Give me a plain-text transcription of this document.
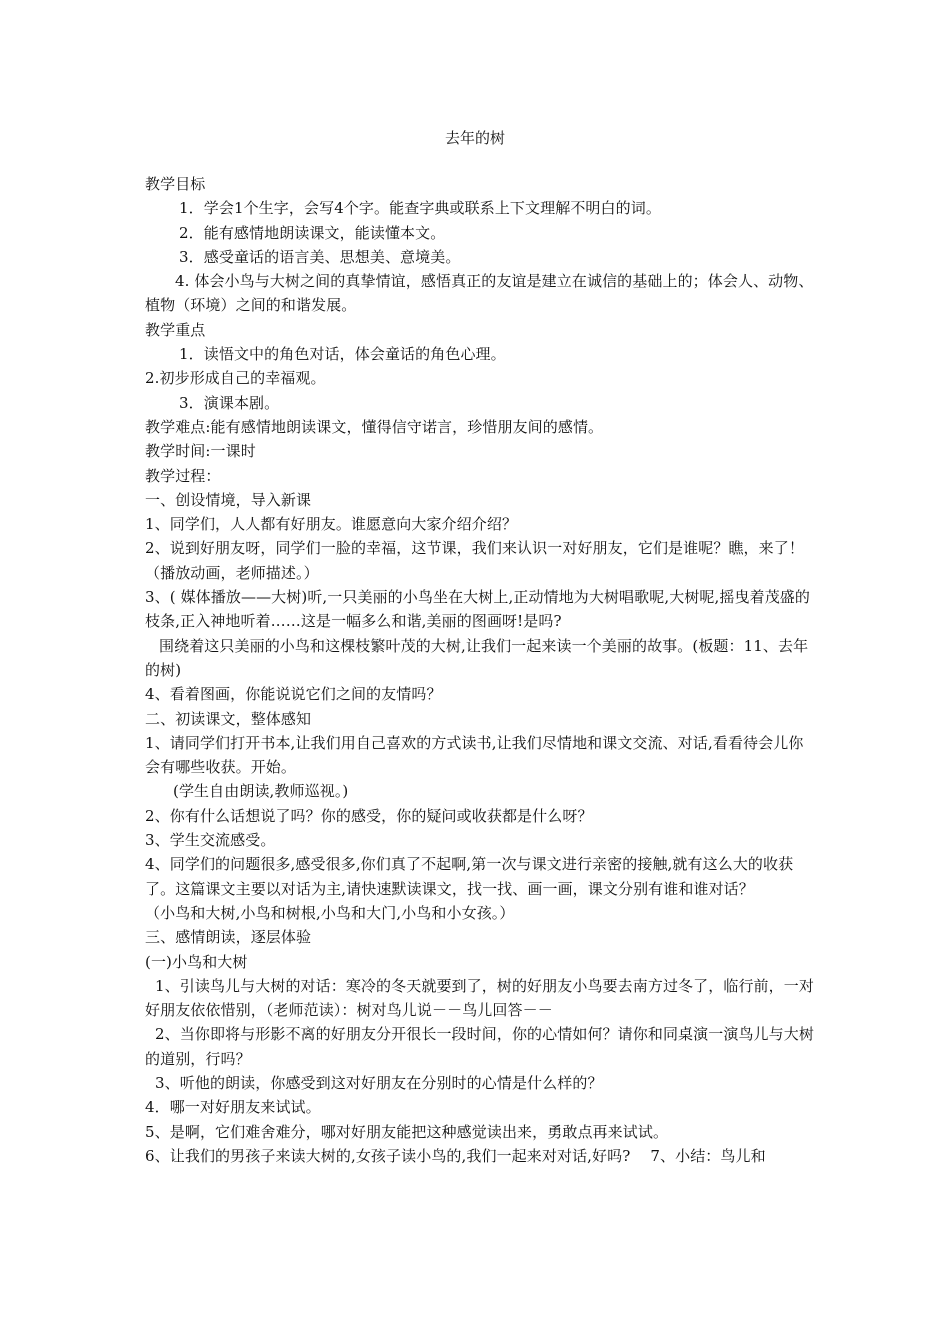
去年的树

教学目标

1．学会1个生字，会写4个字。能查字典或联系上下文理解不明白的词。

2．能有感情地朗读课文，能读懂本文。

3．感受童话的语言美、思想美、意境美。

4. 体会小鸟与大树之间的真挚情谊，感悟真正的友谊是建立在诚信的基础上的；体会人、动物、植物（环境）之间的和谐发展。

教学重点

1．读悟文中的角色对话，体会童话的角色心理。

2.初步形成自己的幸福观。

3．演课本剧。

教学难点:能有感情地朗读课文，懂得信守诺言，珍惜朋友间的感情。

教学时间:一课时

教学过程：

一、创设情境，导入新课

1、同学们，人人都有好朋友。谁愿意向大家介绍介绍？

2、说到好朋友呀，同学们一脸的幸福，这节课，我们来认识一对好朋友，它们是谁呢？瞧，来了！（播放动画，老师描述。）

3、( 媒体播放——大树)听,一只美丽的小鸟坐在大树上,正动情地为大树唱歌呢,大树呢,摇曳着茂盛的枝条,正入神地听着……这是一幅多么和谐,美丽的图画呀!是吗?

围绕着这只美丽的小鸟和这棵枝繁叶茂的大树,让我们一起来读一个美丽的故事。(板题：11、去年的树)

4、看着图画，你能说说它们之间的友情吗？

二、初读课文，整体感知

1、请同学们打开书本,让我们用自己喜欢的方式读书,让我们尽情地和课文交流、对话,看看待会儿你会有哪些收获。开始。

(学生自由朗读,教师巡视。)

2、你有什么话想说了吗？你的感受，你的疑问或收获都是什么呀？

3、学生交流感受。

4、同学们的问题很多,感受很多,你们真了不起啊,第一次与课文进行亲密的接触,就有这么大的收获了。这篇课文主要以对话为主,请快速默读课文，找一找、画一画，课文分别有谁和谁对话？

（小鸟和大树,小鸟和树根,小鸟和大门,小鸟和小女孩。）

三、感情朗读，逐层体验

(一)小鸟和大树

1、引读鸟儿与大树的对话：寒冷的冬天就要到了，树的好朋友小鸟要去南方过冬了，临行前，一对好朋友依依惜别，（老师范读）：树对鸟儿说－－鸟儿回答－－

2、当你即将与形影不离的好朋友分开很长一段时间，你的心情如何？请你和同桌演一演鸟儿与大树的道别，行吗？

3、听他的朗读，你感受到这对好朋友在分别时的心情是什么样的？

4．哪一对好朋友来试试。

5、是啊，它们难舍难分，哪对好朋友能把这种感觉读出来，勇敢点再来试试。

6、让我们的男孩子来读大树的,女孩子读小鸟的,我们一起来对对话,好吗?　 7、小结：鸟儿和
